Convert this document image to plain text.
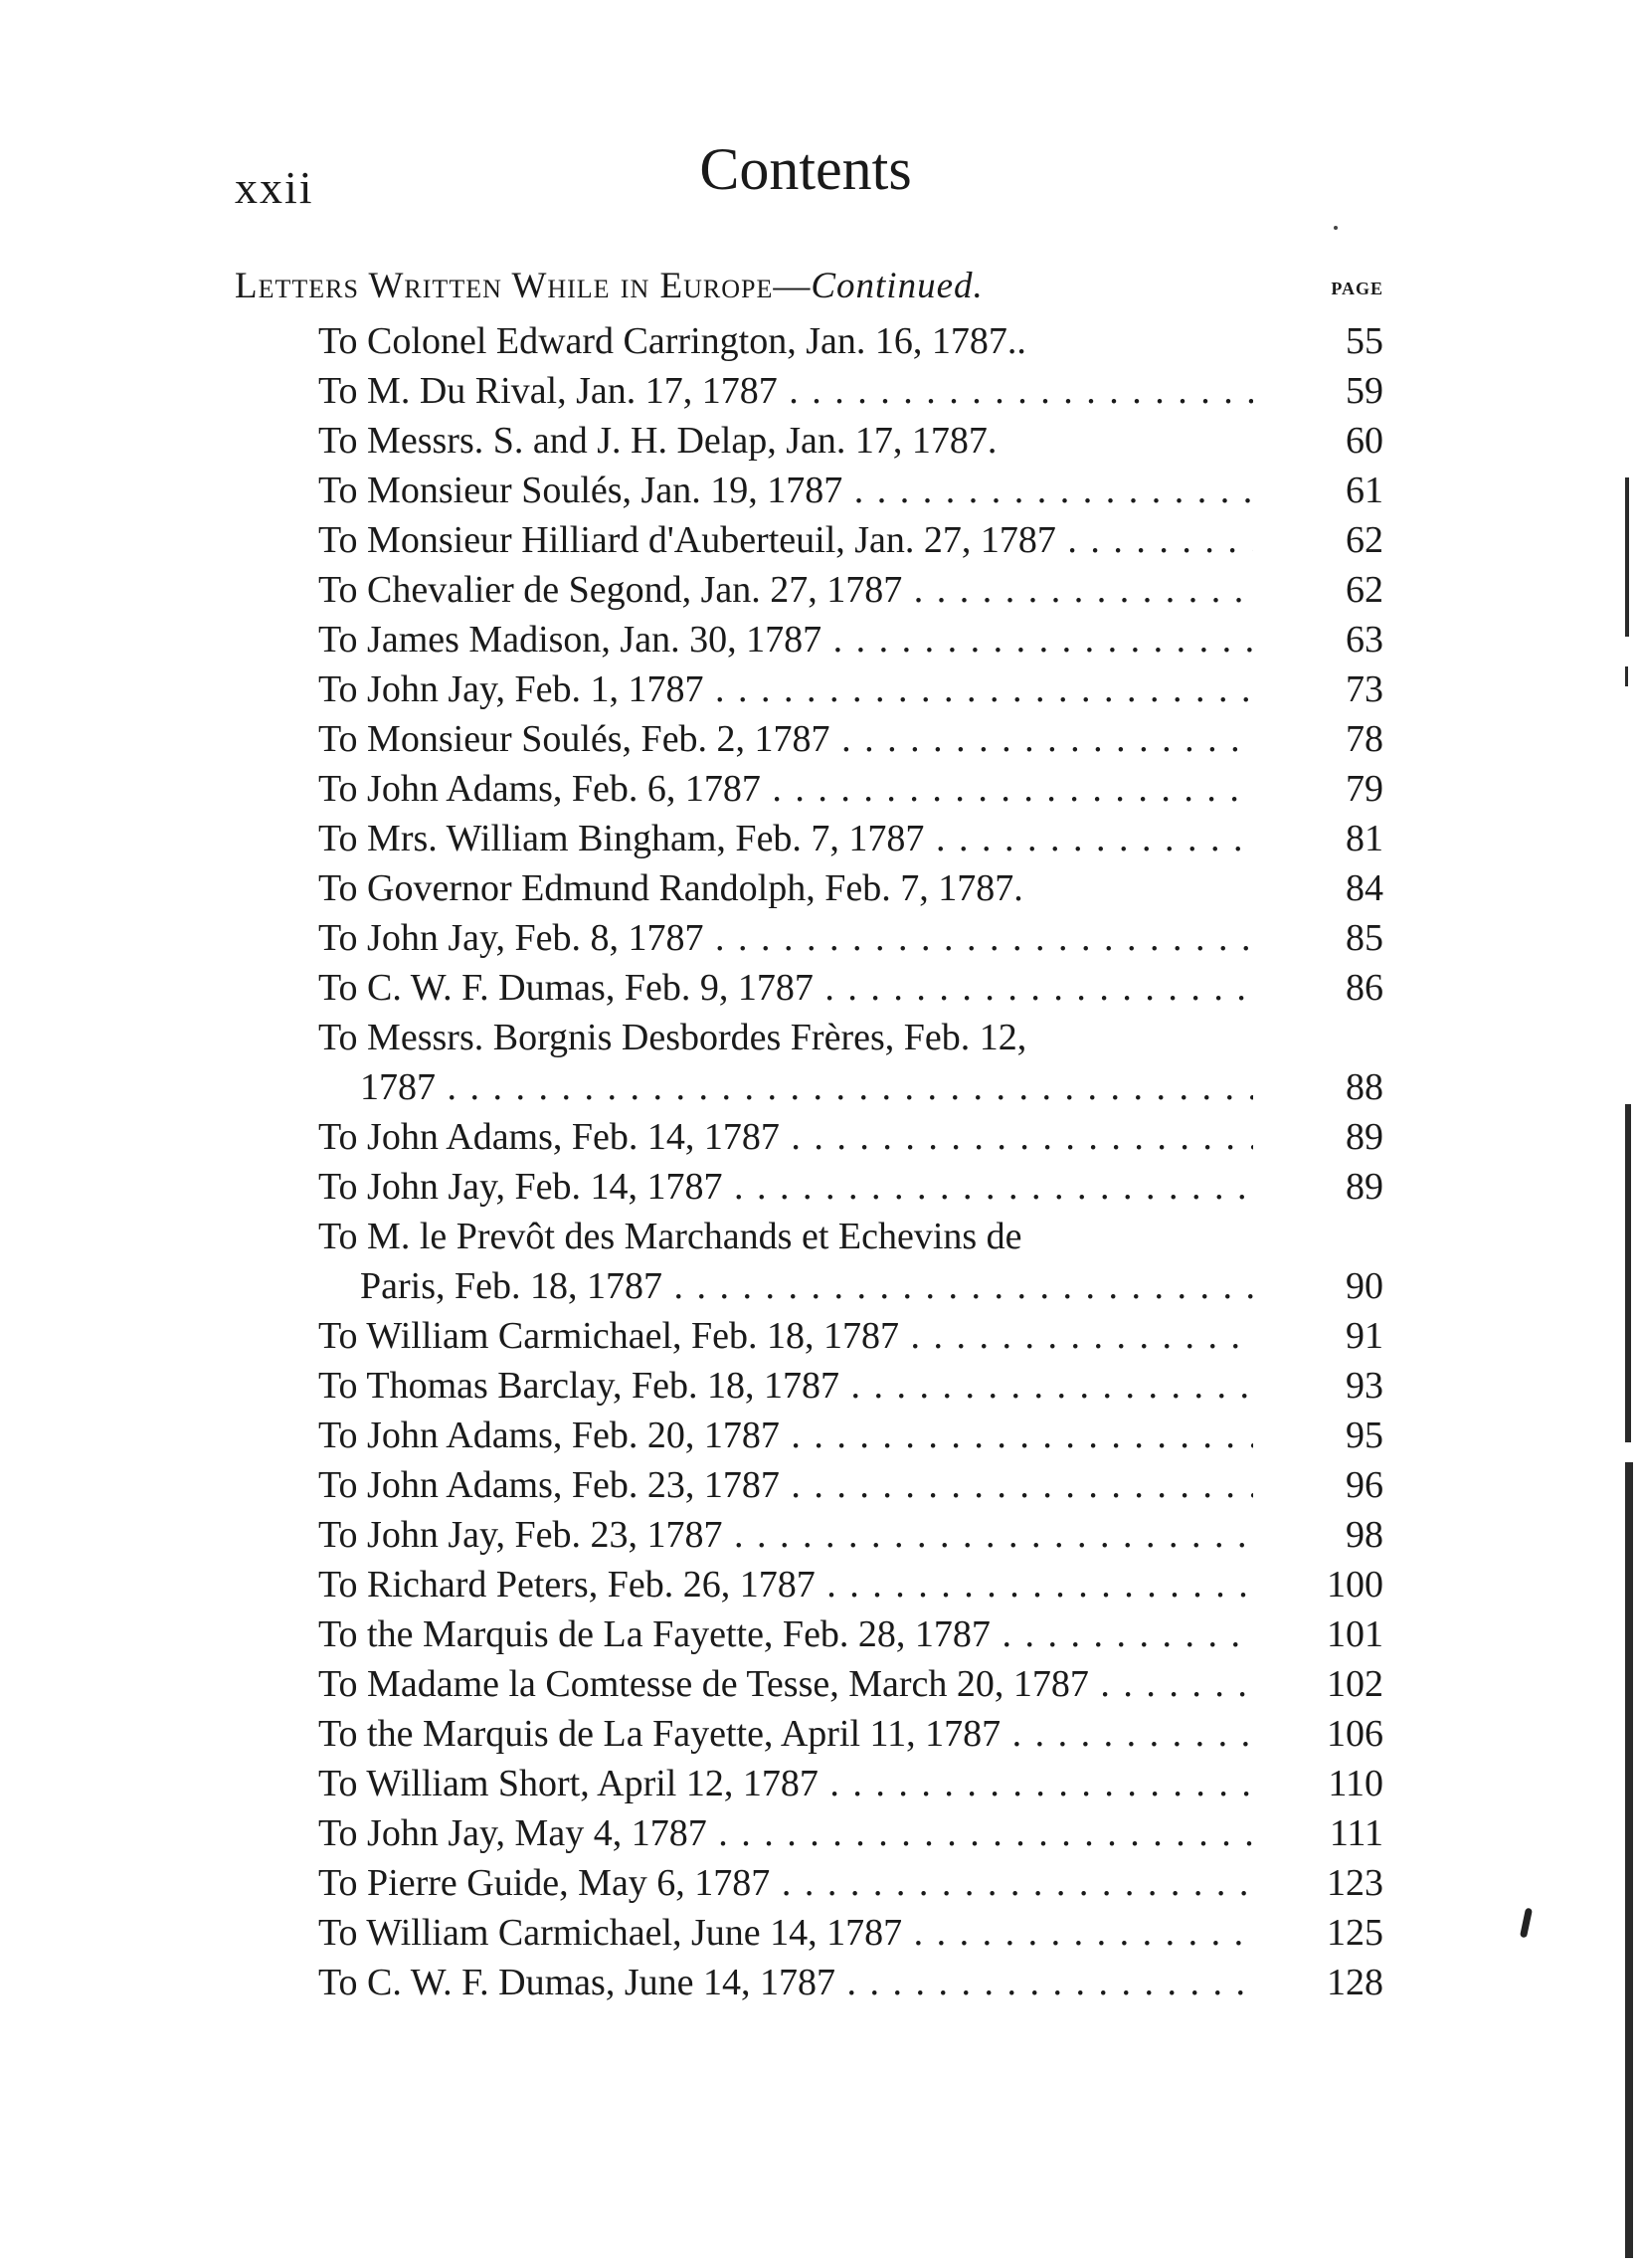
xxii	Contents
Letters Written While in Europe—Continued.	PAGE
To Colonel Edward Carrington, Jan. 16, 1787..	55
To M. Du Rival, Jan. 17, 1787 . . .	59
To Messrs. S. and J. H. Delap, Jan. 17, 1787.	60
To Monsieur Soulés, Jan. 19, 1787 . . .	61
To Monsieur Hilliard d'Auberteuil, Jan. 27, 1787 . . .	62
To Chevalier de Segond, Jan. 27, 1787 . . .	62
To James Madison, Jan. 30, 1787 . . .	63
To John Jay, Feb. 1, 1787 . . .	73
To Monsieur Soulés, Feb. 2, 1787 . . .	78
To John Adams, Feb. 6, 1787 . . .	79
To Mrs. William Bingham, Feb. 7, 1787 . . .	81
To Governor Edmund Randolph, Feb. 7, 1787.	84
To John Jay, Feb. 8, 1787 . . .	85
To C. W. F. Dumas, Feb. 9, 1787 . . .	86
To Messrs. Borgnis Desbordes Frères, Feb. 12,
1787 . . .	88
To John Adams, Feb. 14, 1787 . . .	89
To John Jay, Feb. 14, 1787 . . .	89
To M. le Prevôt des Marchands et Echevins de
Paris, Feb. 18, 1787 . . .	90
To William Carmichael, Feb. 18, 1787 . . .	91
To Thomas Barclay, Feb. 18, 1787 . . .	93
To John Adams, Feb. 20, 1787 . . .	95
To John Adams, Feb. 23, 1787 . . .	96
To John Jay, Feb. 23, 1787 . . .	98
To Richard Peters, Feb. 26, 1787 . . .	100
To the Marquis de La Fayette, Feb. 28, 1787 . . .	101
To Madame la Comtesse de Tesse, March 20, 1787 . . .	102
To the Marquis de La Fayette, April 11, 1787 . . .	106
To William Short, April 12, 1787 . . .	110
To John Jay, May 4, 1787 . . .	111
To Pierre Guide, May 6, 1787 . . .	123
To William Carmichael, June 14, 1787 . . .	125
To C. W. F. Dumas, June 14, 1787 . . .	128
